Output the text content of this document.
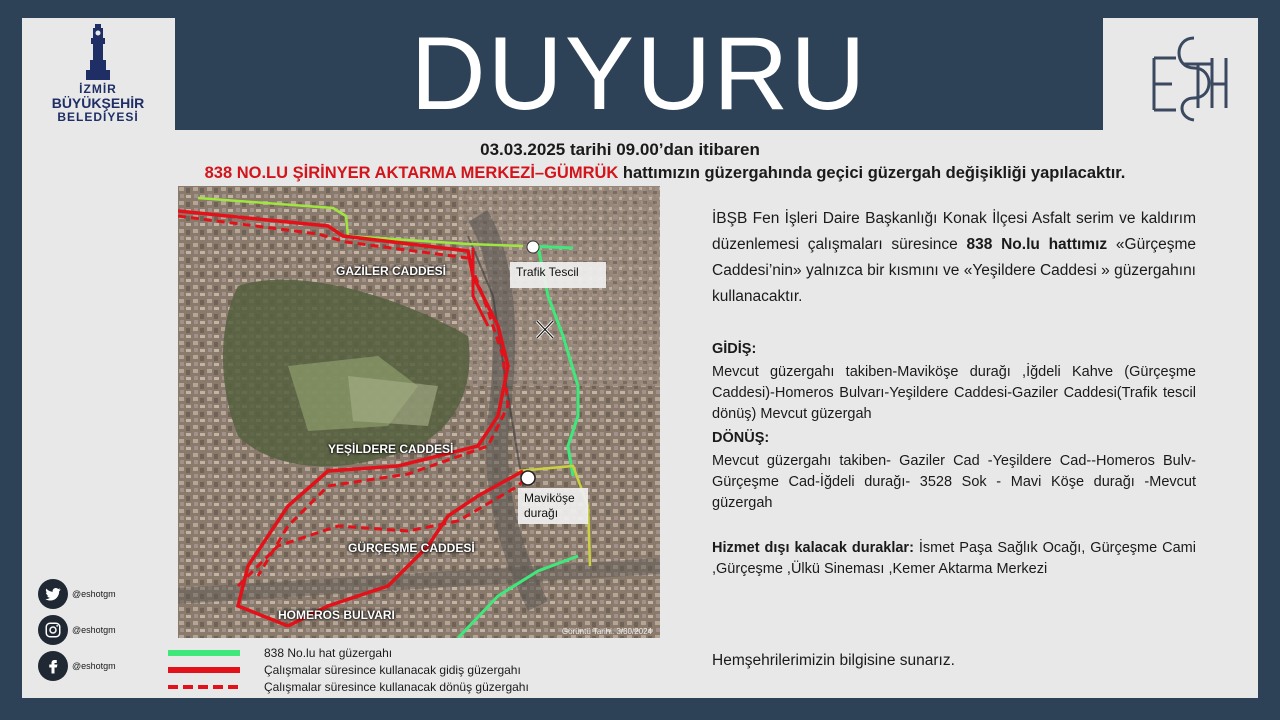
İZMİR
BÜYÜKŞEHİR
BELEDİYESİ	DUYURU
03.03.2025 tarihi 09.00’dan itibaren
838 NO.LU ŞİRİNYER AKTARMA MERKEZİ–GÜMRÜK hattımızın güzergahında geçici güzergah değişikliği yapılacaktır.
GAZİLER CADDESİ
YEŞİLDERE CADDESİ
GÜRÇEŞME CADDESİ
HOMEROS BULVARI
Trafik Tescil
Maviköşe
durağı
Görüntü Tarihi: 3/30/2024
İBŞB Fen İşleri Daire Başkanlığı Konak İlçesi Asfalt serim ve kaldırım düzenlemesi çalışmaları süresince 838 No.lu hattımız «Gürçeşme Caddesi’nin» yalnızca bir kısmını ve «Yeşildere Caddesi » güzergahını kullanacaktır.
GİDİŞ:
Mevcut güzergahı takiben-Maviköşe durağı ,İğdeli Kahve (Gürçeşme Caddesi)-Homeros Bulvarı-Yeşildere Caddesi-Gaziler Caddesi(Trafik tescil dönüş) Mevcut güzergah
DÖNÜŞ:
Mevcut güzergahı takiben- Gaziler Cad -Yeşildere Cad--Homeros Bulv-Gürçeşme Cad-İğdeli durağı- 3528 Sok - Mavi Köşe durağı -Mevcut güzergah
Hizmet dışı kalacak duraklar: İsmet Paşa Sağlık Ocağı, Gürçeşme Cami ,Gürçeşme ,Ülkü Sineması ,Kemer Aktarma Merkezi
Hemşehrilerimizin bilgisine sunarız.
838 No.lu hat güzergahı
Çalışmalar süresince kullanacak gidiş güzergahı
Çalışmalar süresince kullanacak dönüş güzergahı
@eshotgm
@eshotgm
@eshotgm
